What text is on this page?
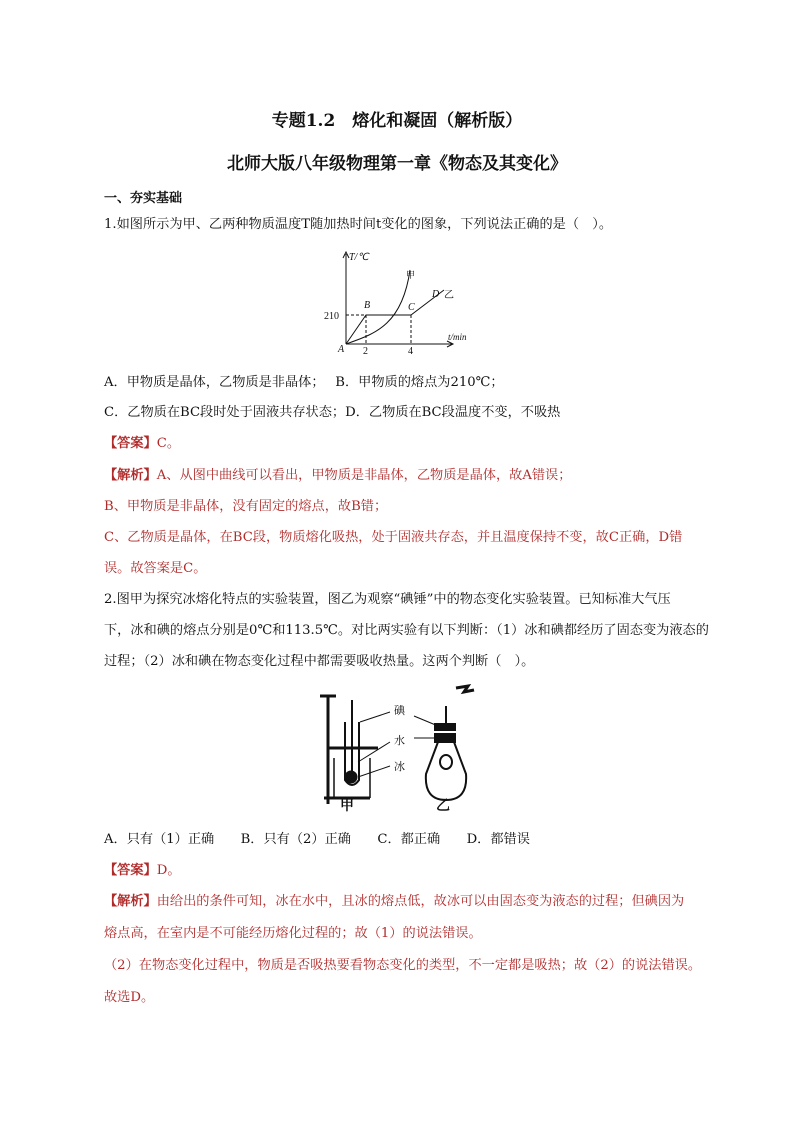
专题1.2　熔化和凝固（解析版）
北师大版八年级物理第一章《物态及其变化》
一、夯实基础
1.如图所示为甲、乙两种物质温度T随加热时间t变化的图象，下列说法正确的是（　）。
T/℃
t/min
210
2	4
A
B	C
D
甲
乙
A．甲物质是晶体，乙物质是非晶体；　 B．甲物质的熔点为210℃；
C．乙物质在BC段时处于固液共存状态；D．乙物质在BC段温度不变，不吸热
【答案】C。
【解析】A、从图中曲线可以看出，甲物质是非晶体，乙物质是晶体，故A错误；
B、甲物质是非晶体，没有固定的熔点，故B错；
C、乙物质是晶体，在BC段，物质熔化吸热，处于固液共存态，并且温度保持不变，故C正确，D错
误。故答案是C。
2.图甲为探究冰熔化特点的实验装置，图乙为观察“碘锤”中的物态变化实验装置。已知标准大气压
下，冰和碘的熔点分别是0℃和113.5℃。对比两实验有以下判断：（1）冰和碘都经历了固态变为液态的
过程；（2）冰和碘在物态变化过程中都需要吸收热量。这两个判断（　）。
碘
水
冰
甲	乙
A．只有（1）正确　　B．只有（2）正确　　C．都正确　　D．都错误
【答案】D。
【解析】由给出的条件可知，冰在水中，且冰的熔点低，故冰可以由固态变为液态的过程；但碘因为
熔点高，在室内是不可能经历熔化过程的；故（1）的说法错误。
（2）在物态变化过程中，物质是否吸热要看物态变化的类型，不一定都是吸热；故（2）的说法错误。
故选D。
